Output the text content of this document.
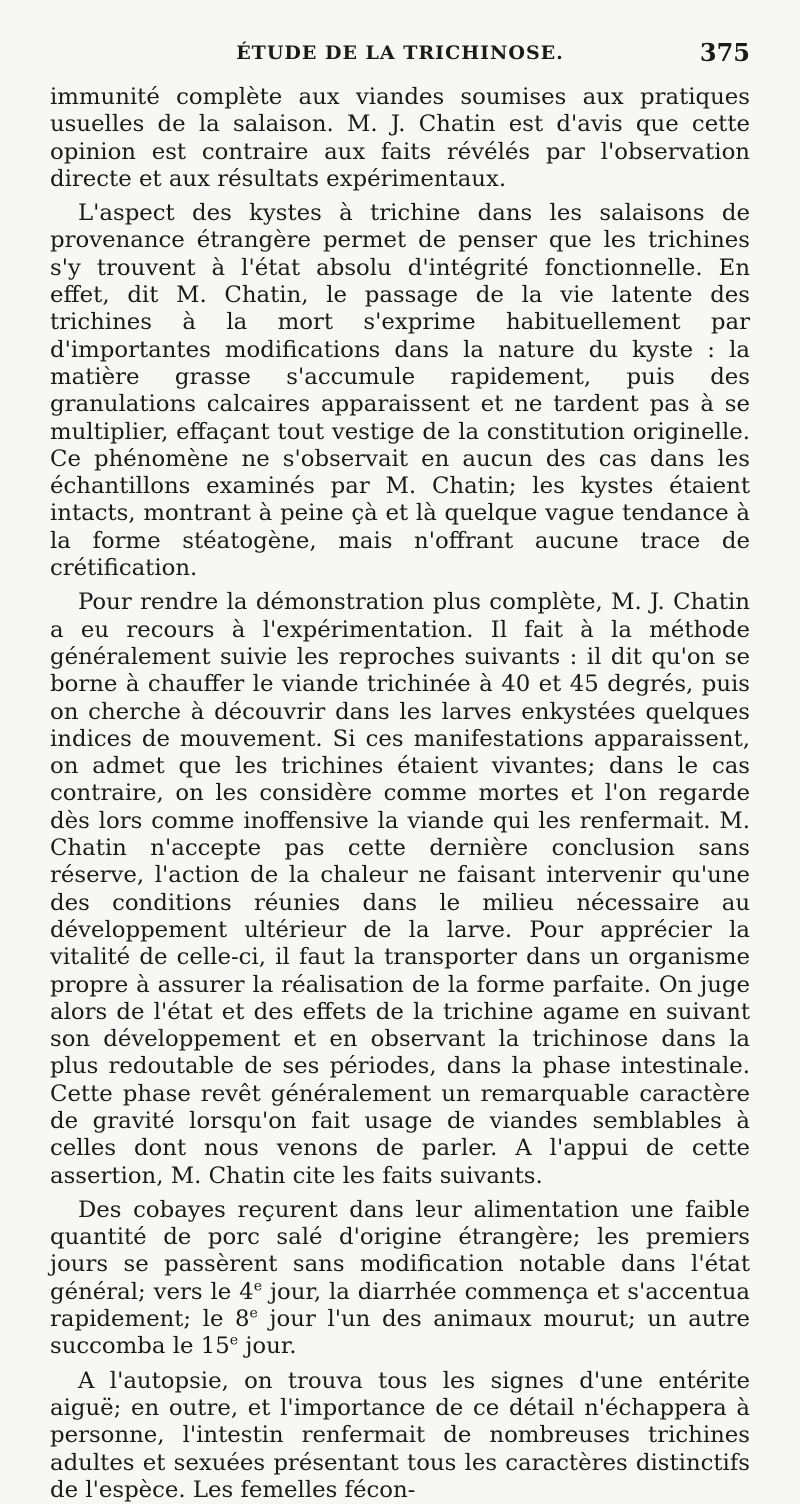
ÉTUDE DE LA TRICHINOSE.	375

immunité complète aux viandes soumises aux pratiques usuelles de la salaison. M. J. Chatin est d'avis que cette opinion est contraire aux faits révélés par l'observation directe et aux résultats expérimentaux.

L'aspect des kystes à trichine dans les salaisons de provenance étrangère permet de penser que les trichines s'y trouvent à l'état absolu d'intégrité fonctionnelle. En effet, dit M. Chatin, le passage de la vie latente des trichines à la mort s'exprime habituellement par d'importantes modifications dans la nature du kyste : la matière grasse s'accumule rapidement, puis des granulations calcaires apparaissent et ne tardent pas à se multiplier, effaçant tout vestige de la constitution originelle. Ce phénomène ne s'observait en aucun des cas dans les échantillons examinés par M. Chatin; les kystes étaient intacts, montrant à peine çà et là quelque vague tendance à la forme stéatogène, mais n'offrant aucune trace de crétification.

Pour rendre la démonstration plus complète, M. J. Chatin a eu recours à l'expérimentation. Il fait à la méthode généralement suivie les reproches suivants : il dit qu'on se borne à chauffer le viande trichinée à 40 et 45 degrés, puis on cherche à découvrir dans les larves enkystées quelques indices de mouvement. Si ces manifestations apparaissent, on admet que les trichines étaient vivantes; dans le cas contraire, on les considère comme mortes et l'on regarde dès lors comme inoffensive la viande qui les renfermait. M. Chatin n'accepte pas cette dernière conclusion sans réserve, l'action de la chaleur ne faisant intervenir qu'une des conditions réunies dans le milieu nécessaire au développement ultérieur de la larve. Pour apprécier la vitalité de celle-ci, il faut la transporter dans un organisme propre à assurer la réalisation de la forme parfaite. On juge alors de l'état et des effets de la trichine agame en suivant son développement et en observant la trichinose dans la plus redoutable de ses périodes, dans la phase intestinale. Cette phase revêt généralement un remarquable caractère de gravité lorsqu'on fait usage de viandes semblables à celles dont nous venons de parler. A l'appui de cette assertion, M. Chatin cite les faits suivants.

Des cobayes reçurent dans leur alimentation une faible quantité de porc salé d'origine étrangère; les premiers jours se passèrent sans modification notable dans l'état général; vers le 4e jour, la diarrhée commença et s'accentua rapidement; le 8e jour l'un des animaux mourut; un autre succomba le 15e jour.

A l'autopsie, on trouva tous les signes d'une entérite aiguë; en outre, et l'importance de ce détail n'échappera à personne, l'intestin renfermait de nombreuses trichines adultes et sexuées présentant tous les caractères distinctifs de l'espèce. Les femelles fécon-
